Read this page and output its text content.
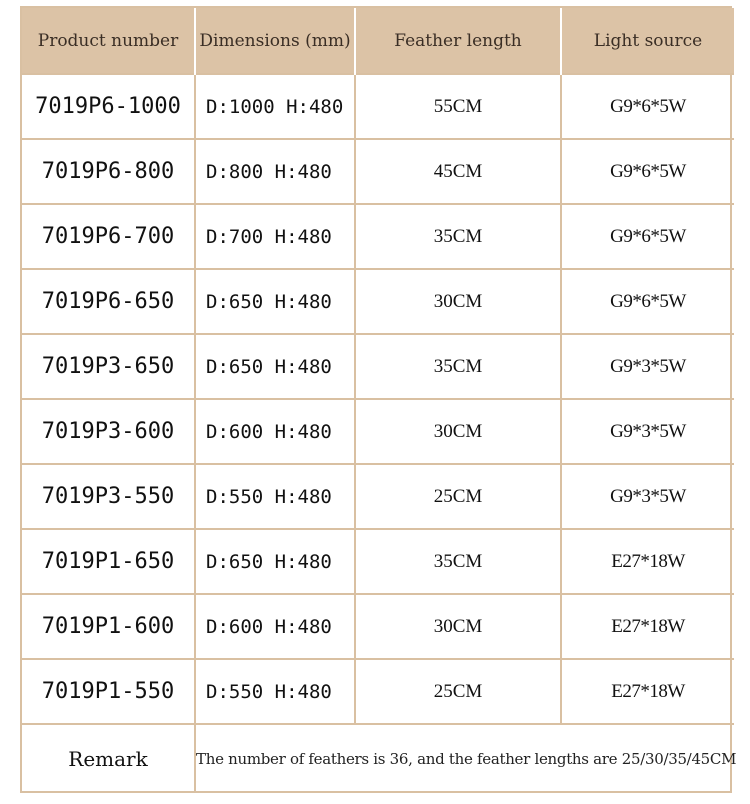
Product number	Dimensions (mm)	Feather length	Light source
7019P6-1000	D:1000 H:480	55CM	G9*6*5W
7019P6-800	D:800 H:480	45CM	G9*6*5W
7019P6-700	D:700 H:480	35CM	G9*6*5W
7019P6-650	D:650 H:480	30CM	G9*6*5W
7019P3-650	D:650 H:480	35CM	G9*3*5W
7019P3-600	D:600 H:480	30CM	G9*3*5W
7019P3-550	D:550 H:480	25CM	G9*3*5W
7019P1-650	D:650 H:480	35CM	E27*18W
7019P1-600	D:600 H:480	30CM	E27*18W
7019P1-550	D:550 H:480	25CM	E27*18W
Remark	The number of feathers is 36, and the feather lengths are 25/30/35/45CM		
